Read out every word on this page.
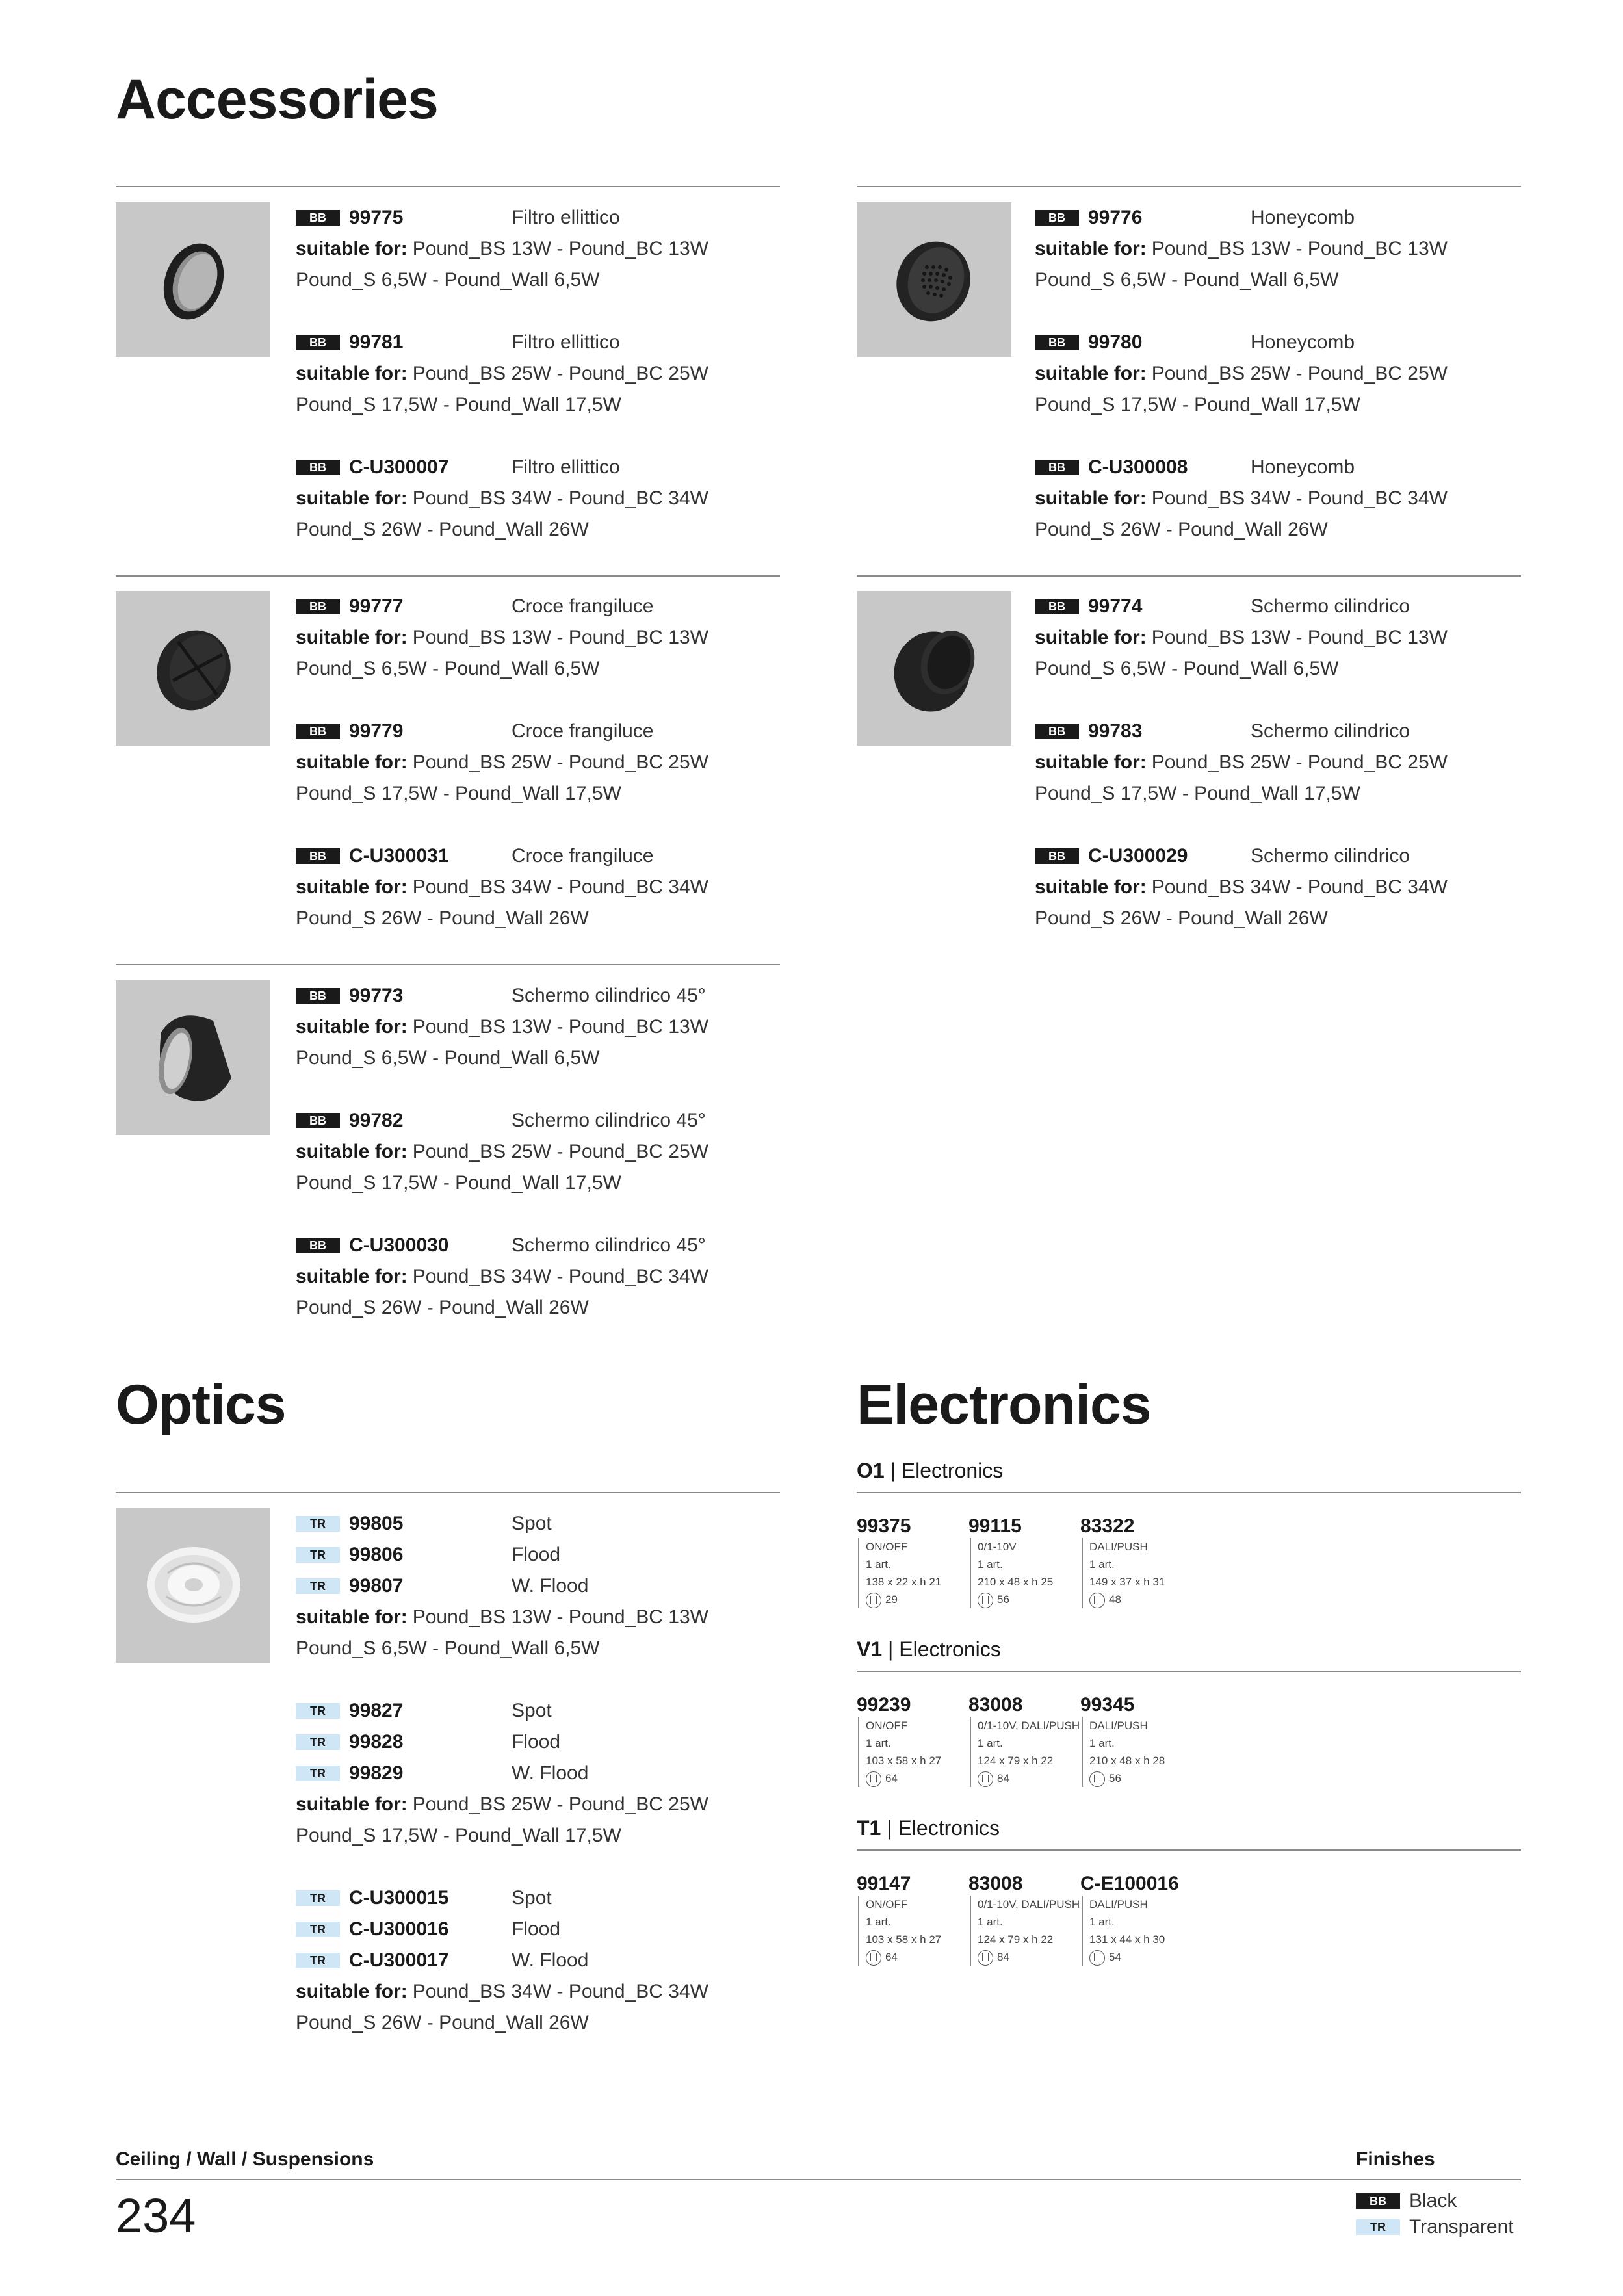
Accessories
Optics	Electronics
BB	99775	Filtro ellittico
suitable for: Pound_BS 13W - Pound_BC 13W
Pound_S 6,5W - Pound_Wall 6,5W
BB	99781	Filtro ellittico
suitable for: Pound_BS 25W - Pound_BC 25W
Pound_S 17,5W - Pound_Wall 17,5W
BB	C-U300007	Filtro ellittico
suitable for: Pound_BS 34W - Pound_BC 34W
Pound_S 26W - Pound_Wall 26W
BB	99776	Honeycomb
suitable for: Pound_BS 13W - Pound_BC 13W
Pound_S 6,5W - Pound_Wall 6,5W
BB	99780	Honeycomb
suitable for: Pound_BS 25W - Pound_BC 25W
Pound_S 17,5W - Pound_Wall 17,5W
BB	C-U300008	Honeycomb
suitable for: Pound_BS 34W - Pound_BC 34W
Pound_S 26W - Pound_Wall 26W
BB	99777	Croce frangiluce
suitable for: Pound_BS 13W - Pound_BC 13W
Pound_S 6,5W - Pound_Wall 6,5W
BB	99779	Croce frangiluce
suitable for: Pound_BS 25W - Pound_BC 25W
Pound_S 17,5W - Pound_Wall 17,5W
BB	C-U300031	Croce frangiluce
suitable for: Pound_BS 34W - Pound_BC 34W
Pound_S 26W - Pound_Wall 26W
BB	99774	Schermo cilindrico
suitable for: Pound_BS 13W - Pound_BC 13W
Pound_S 6,5W - Pound_Wall 6,5W
BB	99783	Schermo cilindrico
suitable for: Pound_BS 25W - Pound_BC 25W
Pound_S 17,5W - Pound_Wall 17,5W
BB	C-U300029	Schermo cilindrico
suitable for: Pound_BS 34W - Pound_BC 34W
Pound_S 26W - Pound_Wall 26W
BB	99773	Schermo cilindrico 45°
suitable for: Pound_BS 13W - Pound_BC 13W
Pound_S 6,5W - Pound_Wall 6,5W
BB	99782	Schermo cilindrico 45°
suitable for: Pound_BS 25W - Pound_BC 25W
Pound_S 17,5W - Pound_Wall 17,5W
BB	C-U300030	Schermo cilindrico 45°
suitable for: Pound_BS 34W - Pound_BC 34W
Pound_S 26W - Pound_Wall 26W
TR	99805	Spot
TR	99806	Flood
TR	99807	W. Flood
suitable for: Pound_BS 13W - Pound_BC 13W
Pound_S 6,5W - Pound_Wall 6,5W
TR	99827	Spot
TR	99828	Flood
TR	99829	W. Flood
suitable for: Pound_BS 25W - Pound_BC 25W
Pound_S 17,5W - Pound_Wall 17,5W
TR	C-U300015	Spot
TR	C-U300016	Flood
TR	C-U300017	W. Flood
suitable for: Pound_BS 34W - Pound_BC 34W
Pound_S 26W - Pound_Wall 26W
O1 | Electronics
99375
ON/OFF
1 art.
138 x 22 x h 21
29
99115
0/1-10V
1 art.
210 x 48 x h 25
56
83322
DALI/PUSH
1 art.
149 x 37 x h 31
48
V1 | Electronics
99239
ON/OFF
1 art.
103 x 58 x h 27
64
83008
0/1-10V, DALI/PUSH
1 art.
124 x 79 x h 22
84
99345
DALI/PUSH
1 art.
210 x 48 x h 28
56
T1 | Electronics
99147
ON/OFF
1 art.
103 x 58 x h 27
64
83008
0/1-10V, DALI/PUSH
1 art.
124 x 79 x h 22
84
C-E100016
DALI/PUSH
1 art.
131 x 44 x h 30
54
Ceiling / Wall / Suspensions	Finishes
234	BB	Black
TR	Transparent
